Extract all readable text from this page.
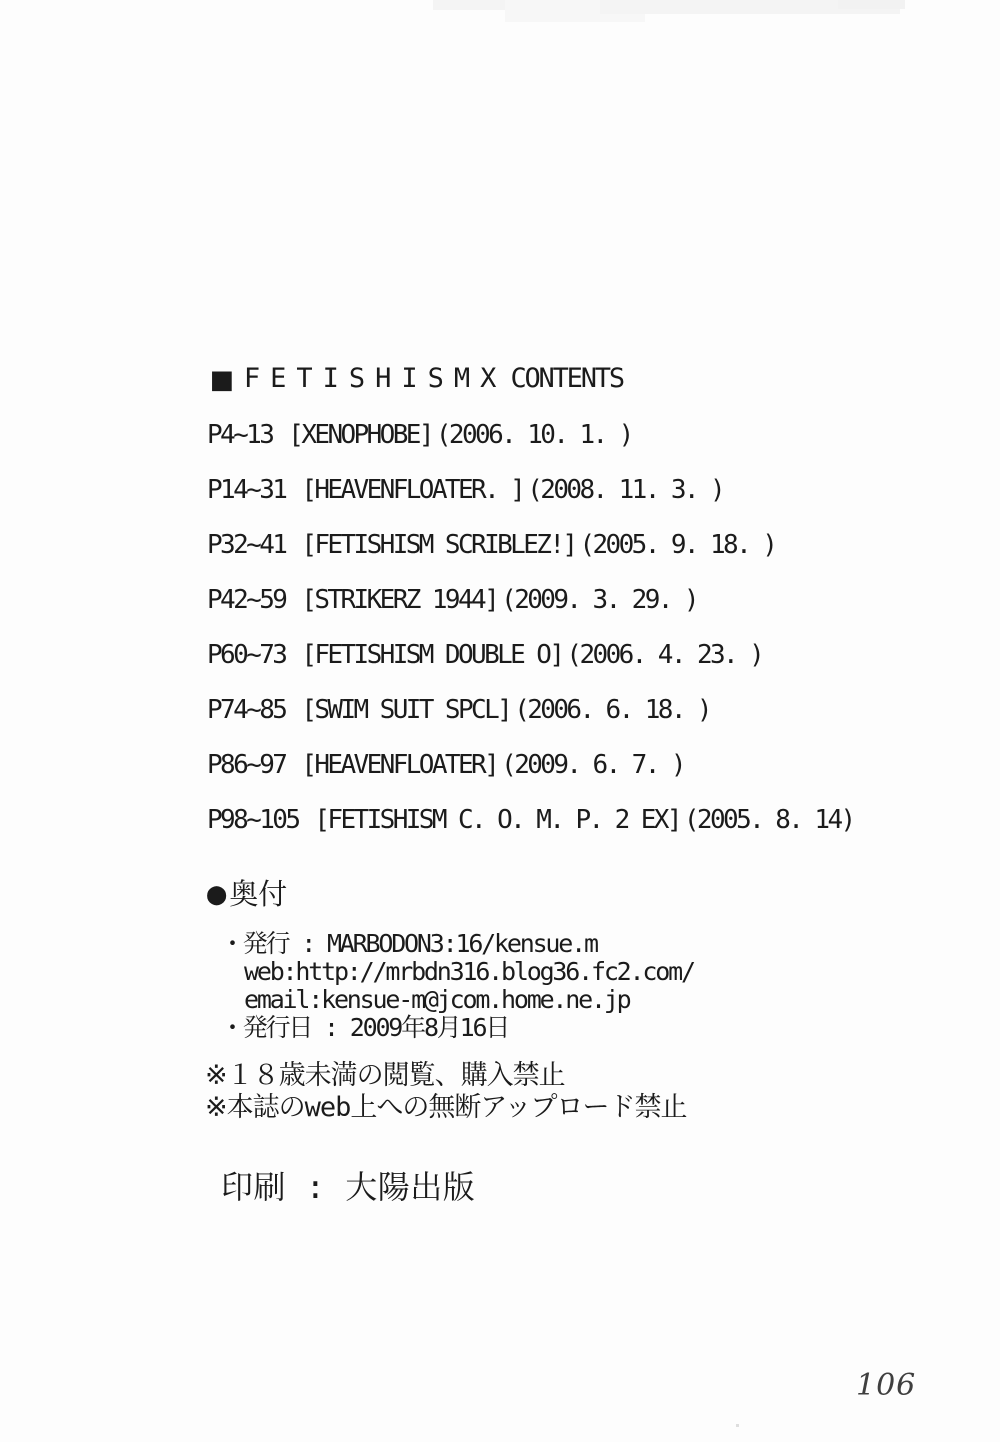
■ FETISHISMX CONTENTS
P4~13 [XENOPHOBE] (2006. 10. 1. )
P14~31 [HEAVENFLOATER. ] (2008. 11. 3. )
P32~41 [FETISHISM SCRIBLEZ!] (2005. 9. 18. )
P42~59 [STRIKERZ 1944] (2009. 3. 29. )
P60~73 [FETISHISM DOUBLE O] (2006. 4. 23. )
P74~85 [SWIM SUIT SPCL] (2006. 6. 18. )
P86~97 [HEAVENFLOATER] (2009. 6. 7. )
P98~105 [FETISHISM C. O. M. P. 2 EX] (2005. 8. 14)
● 奥付
・発行 : MARBODON3:16/kensue.m
web:http://mrbdn316.blog36.fc2.com/
email:kensue-m@jcom.home.ne.jp
・発行日 : 2009年8月16日
※１８歳未満の閲覧、購入禁止
※本誌のweb上への無断アップロード禁止
印刷 : 大陽出版
106
